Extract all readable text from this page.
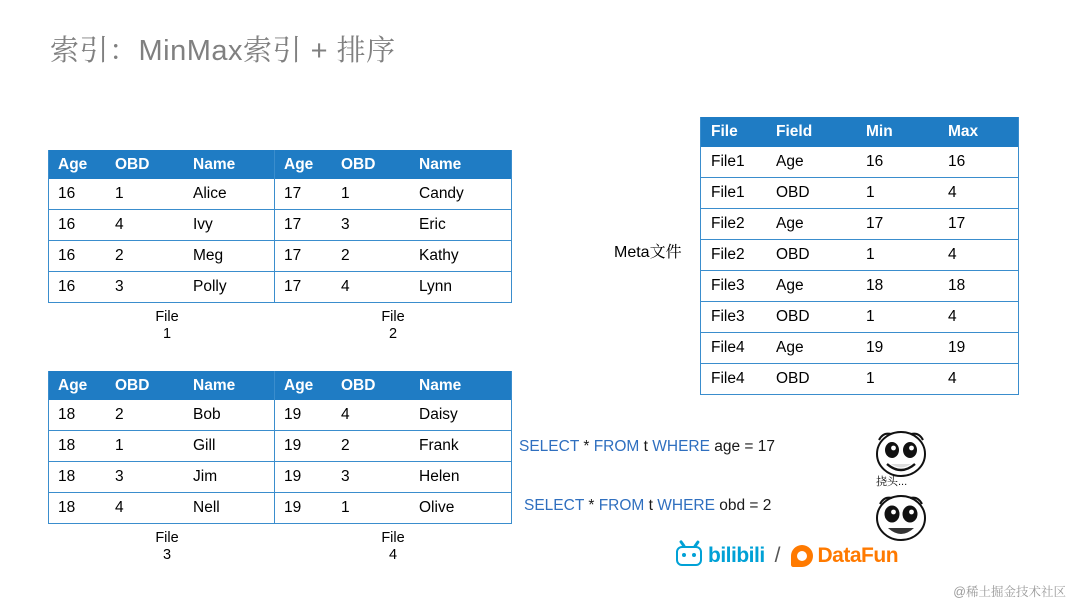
索引：MinMax索引 + 排序
Age	OBD	Name
16	1	Alice
16	4	Ivy
16	2	Meg
16	3	Polly
File
1
Age	OBD	Name
17	1	Candy
17	3	Eric
17	2	Kathy
17	4	Lynn
File
2
Age	OBD	Name
18	2	Bob
18	1	Gill
18	3	Jim
18	4	Nell
File
3
Age	OBD	Name
19	4	Daisy
19	2	Frank
19	3	Helen
19	1	Olive
File
4
Meta文件
File	Field	Min	Max
File1	Age	16	16
File1	OBD	1	4
File2	Age	17	17
File2	OBD	1	4
File3	Age	18	18
File3	OBD	1	4
File4	Age	19	19
File4	OBD	1	4
SELECT * FROM t WHERE age = 17
SELECT * FROM t WHERE obd = 2
挠头...
bilibili / DataFun
@稀土掘金技术社区
